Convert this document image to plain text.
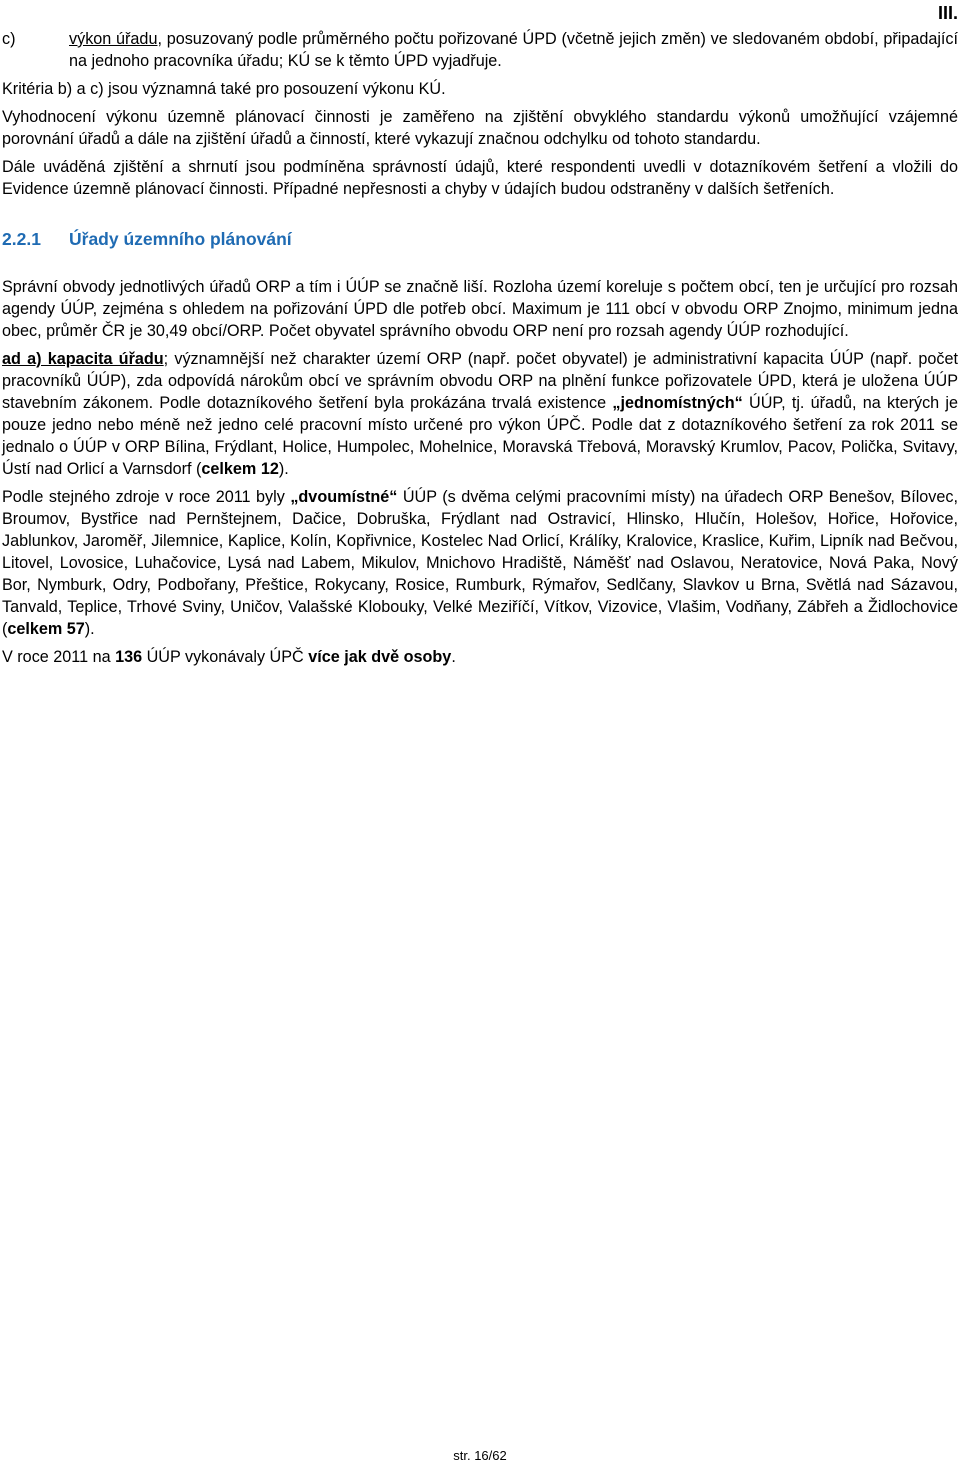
III.
c)	výkon úřadu, posuzovaný podle průměrného počtu pořizované ÚPD (včetně jejich změn) ve sledovaném období, připadající na jednoho pracovníka úřadu; KÚ se k těmto ÚPD vyjadřuje.

Kritéria b) a c) jsou významná také pro posouzení výkonu KÚ.

Vyhodnocení výkonu územně plánovací činnosti je zaměřeno na zjištění obvyklého standardu výkonů umožňující vzájemné porovnání úřadů a dále na zjištění úřadů a činností, které vykazují značnou odchylku od tohoto standardu.

Dále uváděná zjištění a shrnutí jsou podmíněna správností údajů, které respondenti uvedli v dotazníkovém šetření a vložili do Evidence územně plánovací činnosti. Případné nepřesnosti a chyby v údajích budou odstraněny v dalších šetřeních.

2.2.1	Úřady územního plánování

Správní obvody jednotlivých úřadů ORP a tím i ÚÚP se značně liší. Rozloha území koreluje s počtem obcí, ten je určující pro rozsah agendy ÚÚP, zejména s ohledem na pořizování ÚPD dle potřeb obcí. Maximum je 111 obcí v obvodu ORP Znojmo, minimum jedna obec, průměr ČR je 30,49 obcí/ORP. Počet obyvatel správního obvodu ORP není pro rozsah agendy ÚÚP rozhodující.

ad a) kapacita úřadu; významnější než charakter území ORP (např. počet obyvatel) je administrativní kapacita ÚÚP (např. počet pracovníků ÚÚP), zda odpovídá nárokům obcí ve správním obvodu ORP na plnění funkce pořizovatele ÚPD, která je uložena ÚÚP stavebním zákonem. Podle dotazníkového šetření byla prokázána trvalá existence „jednomístných“ ÚÚP, tj. úřadů, na kterých je pouze jedno nebo méně než jedno celé pracovní místo určené pro výkon ÚPČ. Podle dat z dotazníkového šetření za rok 2011 se jednalo o ÚÚP v ORP Bílina, Frýdlant, Holice, Humpolec, Mohelnice, Moravská Třebová, Moravský Krumlov, Pacov, Polička, Svitavy, Ústí nad Orlicí a Varnsdorf (celkem 12).

Podle stejného zdroje v roce 2011 byly „dvoumístné“ ÚÚP (s dvěma celými pracovními místy) na úřadech ORP Benešov, Bílovec, Broumov, Bystřice nad Pernštejnem, Dačice, Dobruška, Frýdlant nad Ostravicí, Hlinsko, Hlučín, Holešov, Hořice, Hořovice, Jablunkov, Jaroměř, Jilemnice, Kaplice, Kolín, Kopřivnice, Kostelec Nad Orlicí, Králíky, Kralovice, Kraslice, Kuřim, Lipník nad Bečvou, Litovel, Lovosice, Luhačovice, Lysá nad Labem, Mikulov, Mnichovo Hradiště, Náměšť nad Oslavou, Neratovice, Nová Paka, Nový Bor, Nymburk, Odry, Podbořany, Přeštice, Rokycany, Rosice, Rumburk, Rýmařov, Sedlčany, Slavkov u Brna, Světlá nad Sázavou, Tanvald, Teplice, Trhové Sviny, Uničov, Valašské Klobouky, Velké Meziříčí, Vítkov, Vizovice, Vlašim, Vodňany, Zábřeh a Židlochovice (celkem 57).

V roce 2011 na 136 ÚÚP vykonávaly ÚPČ více jak dvě osoby.

str. 16/62
